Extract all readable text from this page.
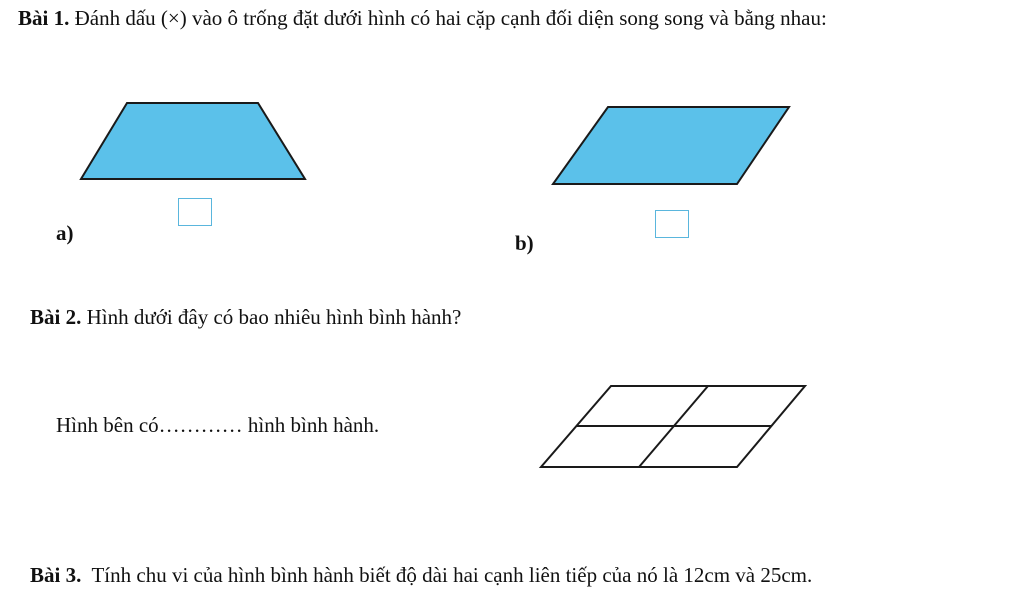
Bài 1. Đánh dấu (×) vào ô trống đặt dưới hình có hai cặp cạnh đối diện song song và bằng nhau:
a)	b)
Bài 2. Hình dưới đây có bao nhiêu hình bình hành?
Hình bên có………… hình bình hành.
Bài 3. Tính chu vi của hình bình hành biết độ dài hai cạnh liên tiếp của nó là 12cm và 25cm.
